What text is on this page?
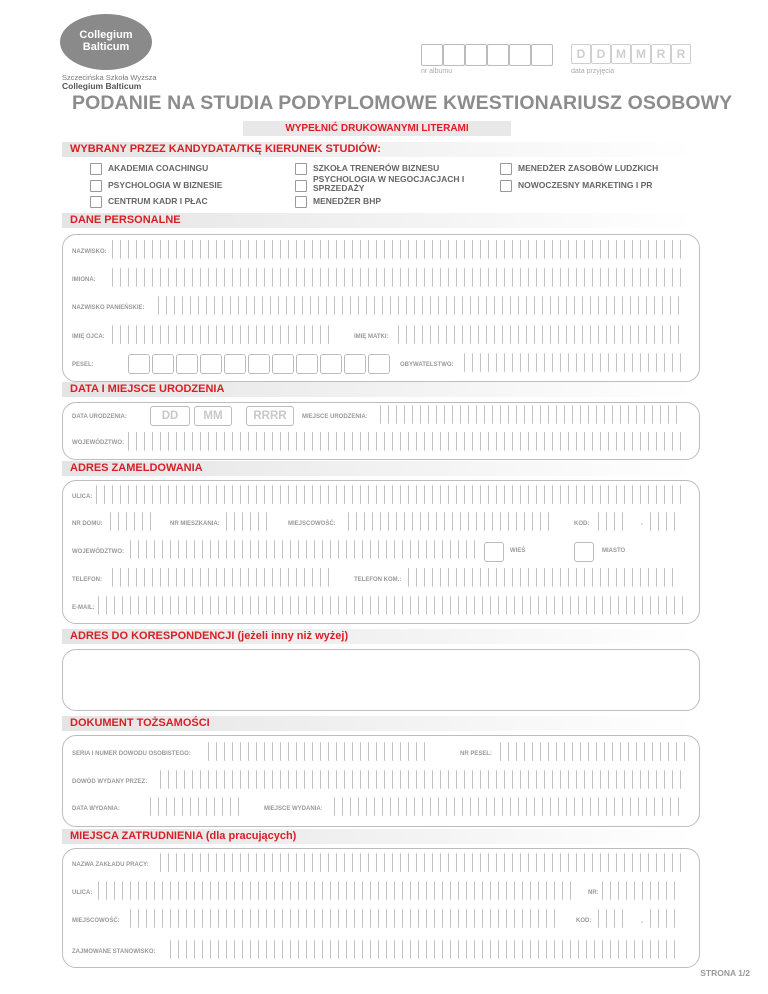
Collegium
Balticum
Szczecińska Szkoła Wyższa
Collegium Balticum
nr albumu
D D M M R R
data przyjęcia
PODANIE NA STUDIA PODYPLOMOWE KWESTIONARIUSZ OSOBOWY
WYPEŁNIĆ DRUKOWANYMI LITERAMI
WYBRANY PRZEZ KANDYDATA/TKĘ KIERUNEK STUDIÓW:
AKADEMIA COACHINGU
PSYCHOLOGIA W BIZNESIE
CENTRUM KADR I PŁAC
SZKOŁA TRENERÓW BIZNESU
PSYCHOLOGIA W NEGOCJACJACH I SPRZEDAŻY
MENEDŻER BHP
MENEDŻER ZASOBÓW LUDZKICH
NOWOCZESNY MARKETING I PR
DANE PERSONALNE
NAZWISKO:
IMIONA:
NAZWISKO PANIEŃSKIE:
IMIĘ OJCA:	IMIĘ MATKI:
PESEL:	OBYWATELSTWO:
DATA I MIEJSCE URODZENIA
DATA URODZENIA:	DD	MM	RRRR	MIEJSCE URODZENIA:
WOJEWÓDZTWO:
ADRES ZAMELDOWANIA
ULICA:
NR DOMU:	NR MIESZKANIA:	MIEJSCOWOŚĆ:	KOD:	-
WOJEWÓDZTWO:	WIEŚ	MIASTO
TELEFON:	TELEFON KOM.:
E-MAIL:
ADRES DO KORESPONDENCJI (jeżeli inny niż wyżej)
DOKUMENT TOŻSAMOŚCI
SERIA I NUMER DOWODU OSOBISTEGO:	NR PESEL:
DOWÓD WYDANY PRZEZ:
DATA WYDANIA:	MIEJSCE WYDANIA:
MIEJSCA ZATRUDNIENIA (dla pracujących)
NAZWA ZAKŁADU PRACY:
ULICA:	NR:
MIEJSCOWOŚĆ:	KOD:	-
ZAJMOWANE STANOWISKO:
STRONA 1/2
